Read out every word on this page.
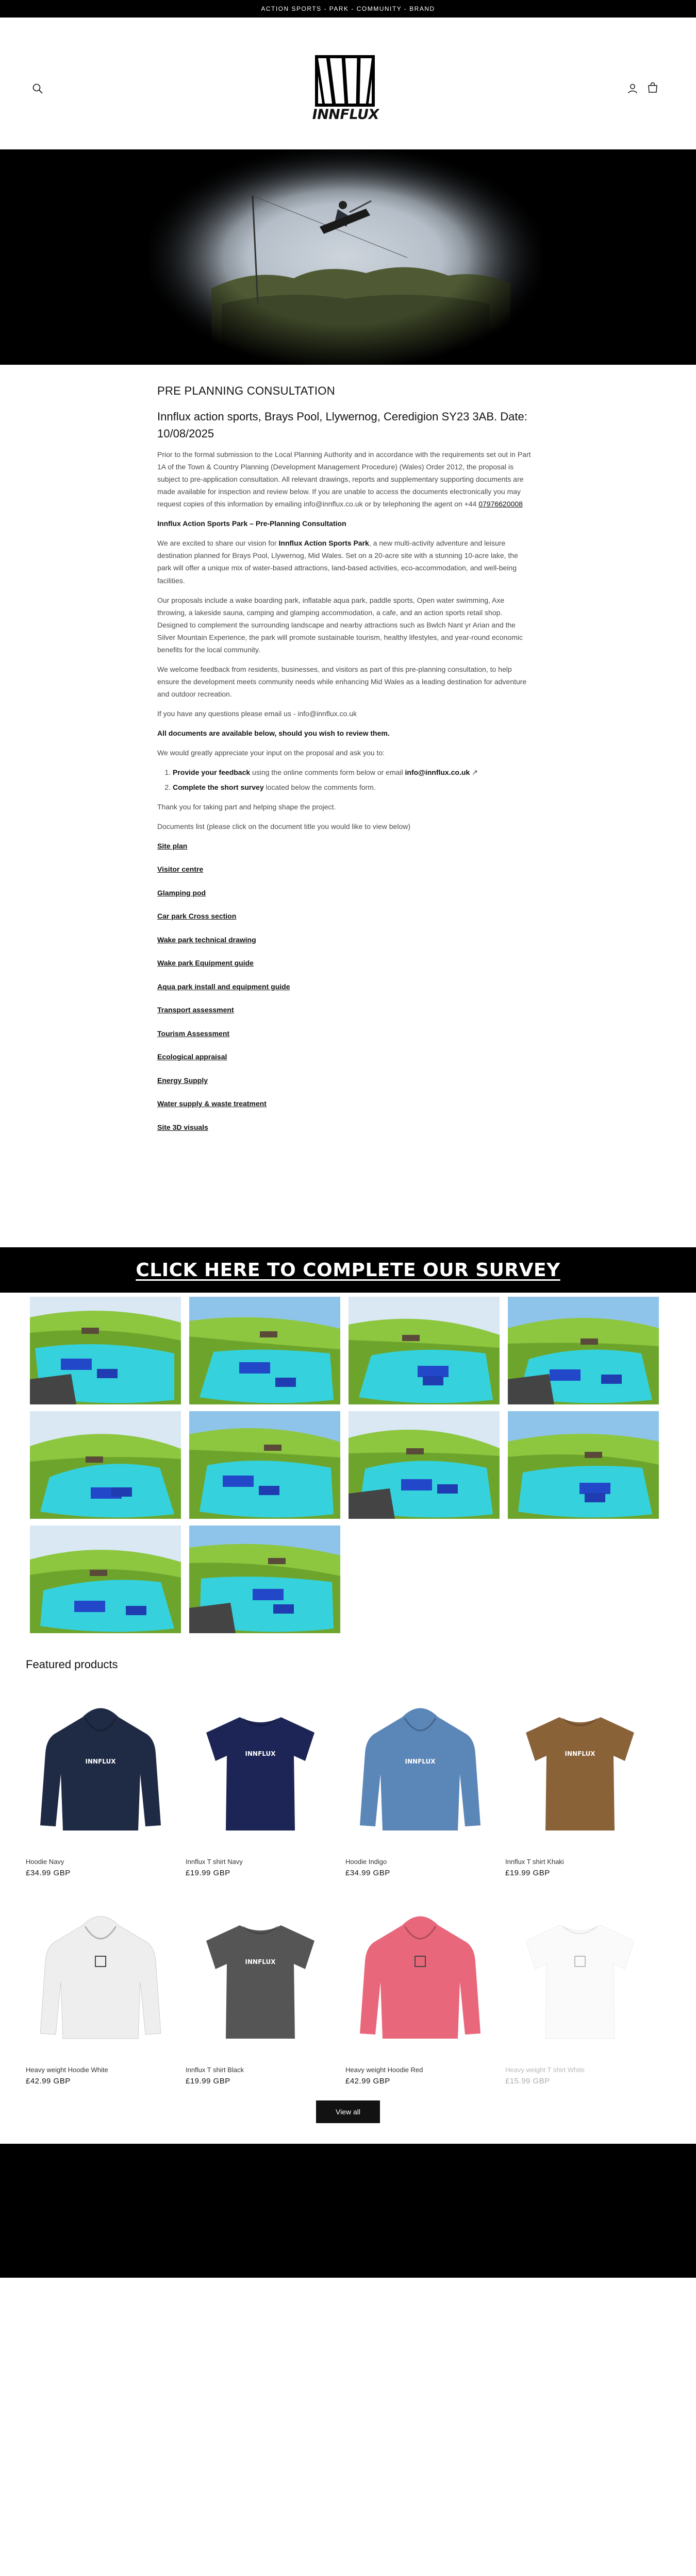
ACTION SPORTS - PARK - COMMUNITY - BRAND
INNFLUX
PRE PLANNING CONSULTATION
Innflux action sports, Brays Pool, Llywernog, Ceredigion SY23 3AB. Date: 10/08/2025

Prior to the formal submission to the Local Planning Authority and in accordance with the requirements set out in Part 1A of the Town & Country Planning (Development Management Procedure) (Wales) Order 2012, the proposal is subject to pre-application consultation. All relevant drawings, reports and supplementary supporting documents are made available for inspection and review below. If you are unable to access the documents electronically you may request copies of this information by emailing info@innflux.co.uk or by telephoning the agent on +44 07976620008

Innflux Action Sports Park – Pre-Planning Consultation

We are excited to share our vision for Innflux Action Sports Park, a new multi-activity adventure and leisure destination planned for Brays Pool, Llywernog, Mid Wales. Set on a 20-acre site with a stunning 10-acre lake, the park will offer a unique mix of water-based attractions, land-based activities, eco-accommodation, and well-being facilities.

Our proposals include a wake boarding park, inflatable aqua park, paddle sports, Open water swimming, Axe throwing, a lakeside sauna, camping and glamping accommodation, a cafe, and an action sports retail shop. Designed to complement the surrounding landscape and nearby attractions such as Bwlch Nant yr Arian and the Silver Mountain Experience, the park will promote sustainable tourism, healthy lifestyles, and year-round economic benefits for the local community.

We welcome feedback from residents, businesses, and visitors as part of this pre-planning consultation, to help ensure the development meets community needs while enhancing Mid Wales as a leading destination for adventure and outdoor recreation.

If you have any questions please email us - info@innflux.co.uk

All documents are available below, should you wish to review them.

We would greatly appreciate your input on the proposal and ask you to:

1. Provide your feedback using the online comments form below or email info@innflux.co.uk ↗
2. Complete the short survey located below the comments form.

Thank you for taking part and helping shape the project.

Documents list (please click on the document title you would like to view below)

Site plan
Visitor centre
Glamping pod
Car park Cross section
Wake park technical drawing
Wake park Equipment guide
Aqua park install and equipment guide
Transport assessment
Tourism Assessment
Ecological appraisal
Energy Supply
Water supply & waste treatment
Site 3D visuals
CLICK HERE TO COMPLETE OUR SURVEY
Featured products
INNFLUX
Hoodie Navy
£34.99 GBP
INNFLUX
Innflux T shirt Navy
£19.99 GBP
INNFLUX
Hoodie Indigo
£34.99 GBP
INNFLUX
Innflux T shirt Khaki
£19.99 GBP
Heavy weight Hoodie White
£42.99 GBP
INNFLUX
Innflux T shirt Black
£19.99 GBP
Heavy weight Hoodie Red
£42.99 GBP
Heavy weight T shirt White
£15.99 GBP
View all
